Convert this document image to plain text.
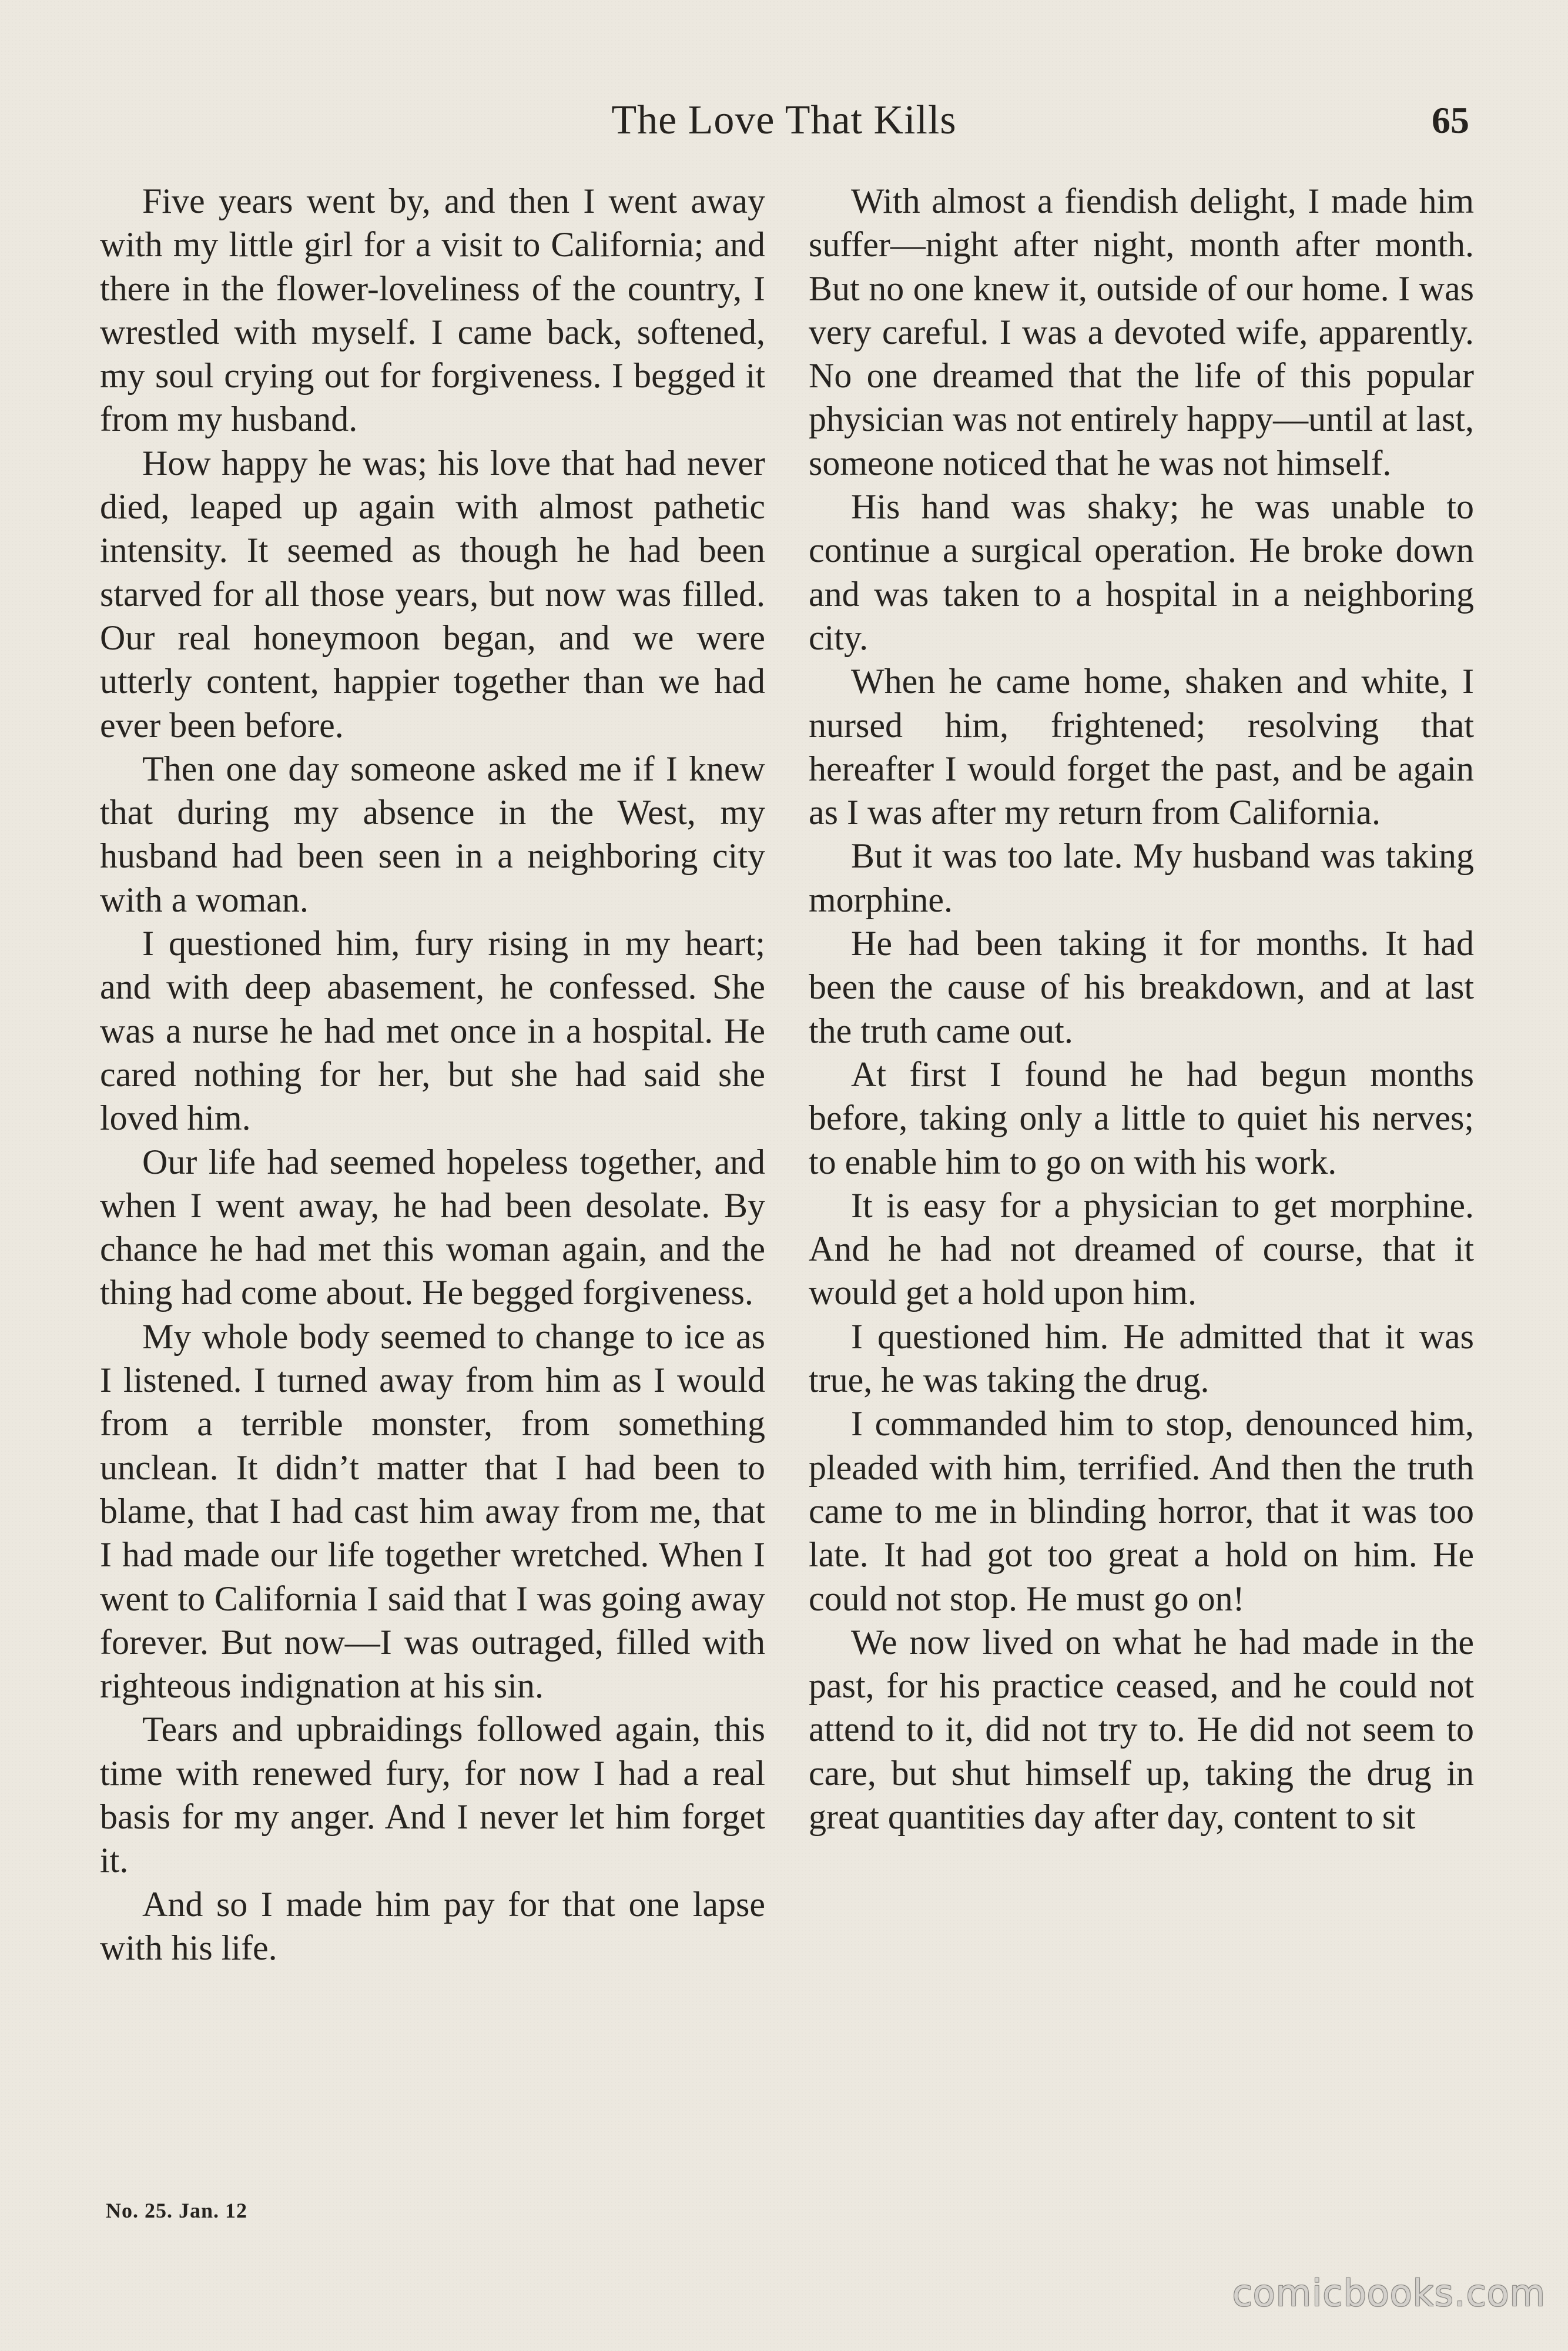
The Love That Kills	65

Five years went by, and then I went away with my little girl for a visit to California; and there in the flower-loveliness of the country, I wrestled with myself. I came back, softened, my soul crying out for forgiveness. I begged it from my husband.

How happy he was; his love that had never died, leaped up again with almost pathetic intensity. It seemed as though he had been starved for all those years, but now was filled. Our real honeymoon began, and we were utterly content, happier together than we had ever been before.

Then one day someone asked me if I knew that during my absence in the West, my husband had been seen in a neighboring city with a woman.

I questioned him, fury rising in my heart; and with deep abasement, he confessed. She was a nurse he had met once in a hospital. He cared nothing for her, but she had said she loved him.

Our life had seemed hopeless together, and when I went away, he had been desolate. By chance he had met this woman again, and the thing had come about. He begged forgiveness.

My whole body seemed to change to ice as I listened. I turned away from him as I would from a terrible monster, from something unclean. It didn’t matter that I had been to blame, that I had cast him away from me, that I had made our life together wretched. When I went to California I said that I was going away forever. But now—I was outraged, filled with righteous indignation at his sin.

Tears and upbraidings followed again, this time with renewed fury, for now I had a real basis for my anger. And I never let him forget it.

And so I made him pay for that one lapse with his life.

With almost a fiendish delight, I made him suffer—night after night, month after month. But no one knew it, outside of our home. I was very careful. I was a devoted wife, apparently. No one dreamed that the life of this popular physician was not entirely happy—until at last, someone noticed that he was not himself.

His hand was shaky; he was unable to continue a surgical operation. He broke down and was taken to a hospital in a neighboring city.

When he came home, shaken and white, I nursed him, frightened; resolving that hereafter I would forget the past, and be again as I was after my return from California.

But it was too late. My husband was taking morphine.

He had been taking it for months. It had been the cause of his breakdown, and at last the truth came out.

At first I found he had begun months before, taking only a little to quiet his nerves; to enable him to go on with his work.

It is easy for a physician to get morphine. And he had not dreamed of course, that it would get a hold upon him.

I questioned him. He admitted that it was true, he was taking the drug.

I commanded him to stop, denounced him, pleaded with him, terrified. And then the truth came to me in blinding horror, that it was too late. It had got too great a hold on him. He could not stop. He must go on!

We now lived on what he had made in the past, for his practice ceased, and he could not attend to it, did not try to. He did not seem to care, but shut himself up, taking the drug in great quantities day after day, content to sit

No. 25. Jan. 12
comicbooks.com
